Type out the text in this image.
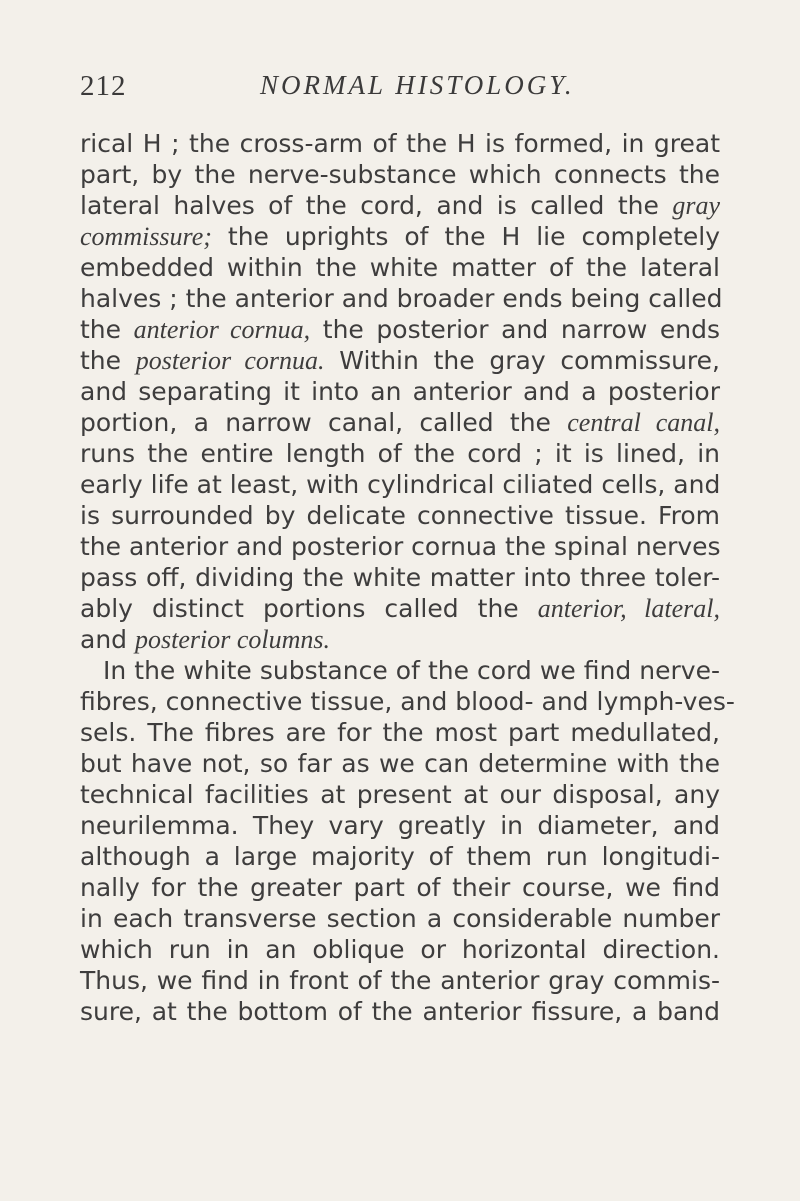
212	NORMAL HISTOLOGY.
rical H ; the cross-arm of the H is formed, in great
part, by the nerve-substance which connects the
lateral halves of the cord, and is called the gray
commissure; the uprights of the H lie completely
embedded within the white matter of the lateral
halves ; the anterior and broader ends being called
the anterior cornua, the posterior and narrow ends
the posterior cornua. Within the gray commissure,
and separating it into an anterior and a posterior
portion, a narrow canal, called the central canal,
runs the entire length of the cord ; it is lined, in
early life at least, with cylindrical ciliated cells, and
is surrounded by delicate connective tissue. From
the anterior and posterior cornua the spinal nerves
pass off, dividing the white matter into three toler-
ably distinct portions called the anterior, lateral,
and posterior columns.
In the white substance of the cord we find nerve-
fibres, connective tissue, and blood- and lymph-ves-
sels. The fibres are for the most part medullated,
but have not, so far as we can determine with the
technical facilities at present at our disposal, any
neurilemma. They vary greatly in diameter, and
although a large majority of them run longitudi-
nally for the greater part of their course, we find
in each transverse section a considerable number
which run in an oblique or horizontal direction.
Thus, we find in front of the anterior gray commis-
sure, at the bottom of the anterior fissure, a band
